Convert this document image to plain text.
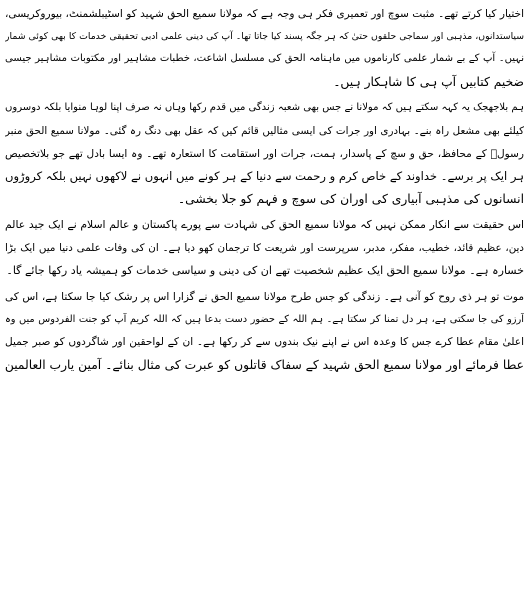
اختیار کیا کرتے تھے۔ مثبت سوچ اور تعمیری فکر ہی وجہ ہے کہ مولانا سمیع الحق شہید کو اسٹیبلشمنٹ، بیوروکریسی،
سیاستدانوں، مذہبی اور سماجی حلقوں حتیٰ کہ ہر جگہ پسند کیا جاتا تھا۔ آپ کی دینی علمی ادبی تحقیقی خدمات کا بھی کوئی شمار
نہیں۔ آپ کے بے شمار علمی کارناموں میں ماہنامہ الحق کی مسلسل اشاعت، خطبات مشاہیر اور مکتوبات مشاہیر جیسی
ضخیم کتابیں آپ ہی کا شاہکار ہیں۔
ہم بلاجھجک یہ کہہ سکتے ہیں کہ مولانا نے جس بھی شعبہ زندگی میں قدم رکھا وہاں نہ صرف اپنا لوہا منوایا بلکہ دوسروں
کیلئے بھی مشعل راہ بنے۔ بہادری اور جرات کی ایسی مثالیں قائم کیں کہ عقل بھی دنگ رہ گئی۔ مولانا سمیع الحق منبر
رسولؐ کے محافظ، حق و سچ کے پاسدار، ہمت، جرات اور استقامت کا استعارہ تھے۔ وہ ایسا بادل تھے جو بلاتخصیص
ہر ایک پر برسے۔ خداوند کے خاص کرم و رحمت سے دنیا کے ہر کونے میں انہوں نے لاکھوں نہیں بلکہ کروڑوں
انسانوں کی مذہبی آبیاری کی اوران کی سوچ و فہم کو جلا بخشی۔
اس حقیقت سے انکار ممکن نہیں کہ مولانا سمیع الحق کی شہادت سے پورے پاکستان و عالم اسلام نے ایک جید عالم
دین، عظیم قائد، خطیب، مفکر، مدبر، سرپرست اور شریعت کا ترجمان کھو دیا ہے۔ ان کی وفات علمی دنیا میں ایک بڑا
خسارہ ہے۔ مولانا سمیع الحق ایک عظیم شخصیت تھے ان کی دینی و سیاسی خدمات کو ہمیشہ یاد رکھا جائے گا۔
موت تو ہر ذی روح کو آنی ہے۔ زندگی کو جس طرح مولانا سمیع الحق نے گزارا اس پر رشک کیا جا سکتا ہے، اس کی
آرزو کی جا سکتی ہے، ہر دل تمنا کر سکتا ہے۔ ہم اللہ کے حضور دست بدعا ہیں کہ اللہ کریم آپ کو جنت الفردوس میں وہ
اعلیٰ مقام عطا کرے جس کا وعدہ اس نے اپنے نیک بندوں سے کر رکھا ہے۔ ان کے لواحقین اور شاگردوں کو صبر جمیل
عطا فرمائے اور مولانا سمیع الحق شہید کے سفاک قاتلوں کو عبرت کی مثال بنائے۔ آمین یارب العالمین
